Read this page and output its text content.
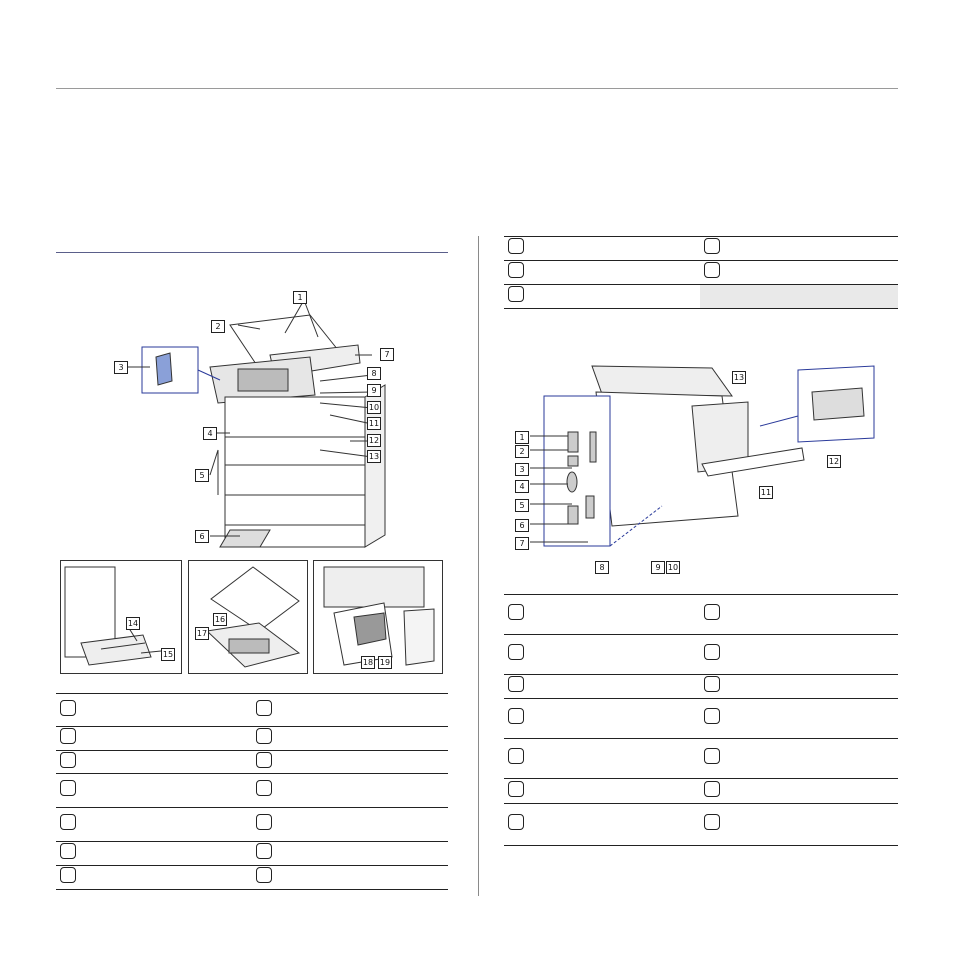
1
2
3
4
5
6
7
8
9
10
11
12
13
14
15
16
17
18 19

1
2
3
4
5
6
7
8	9 10
11
12
13
